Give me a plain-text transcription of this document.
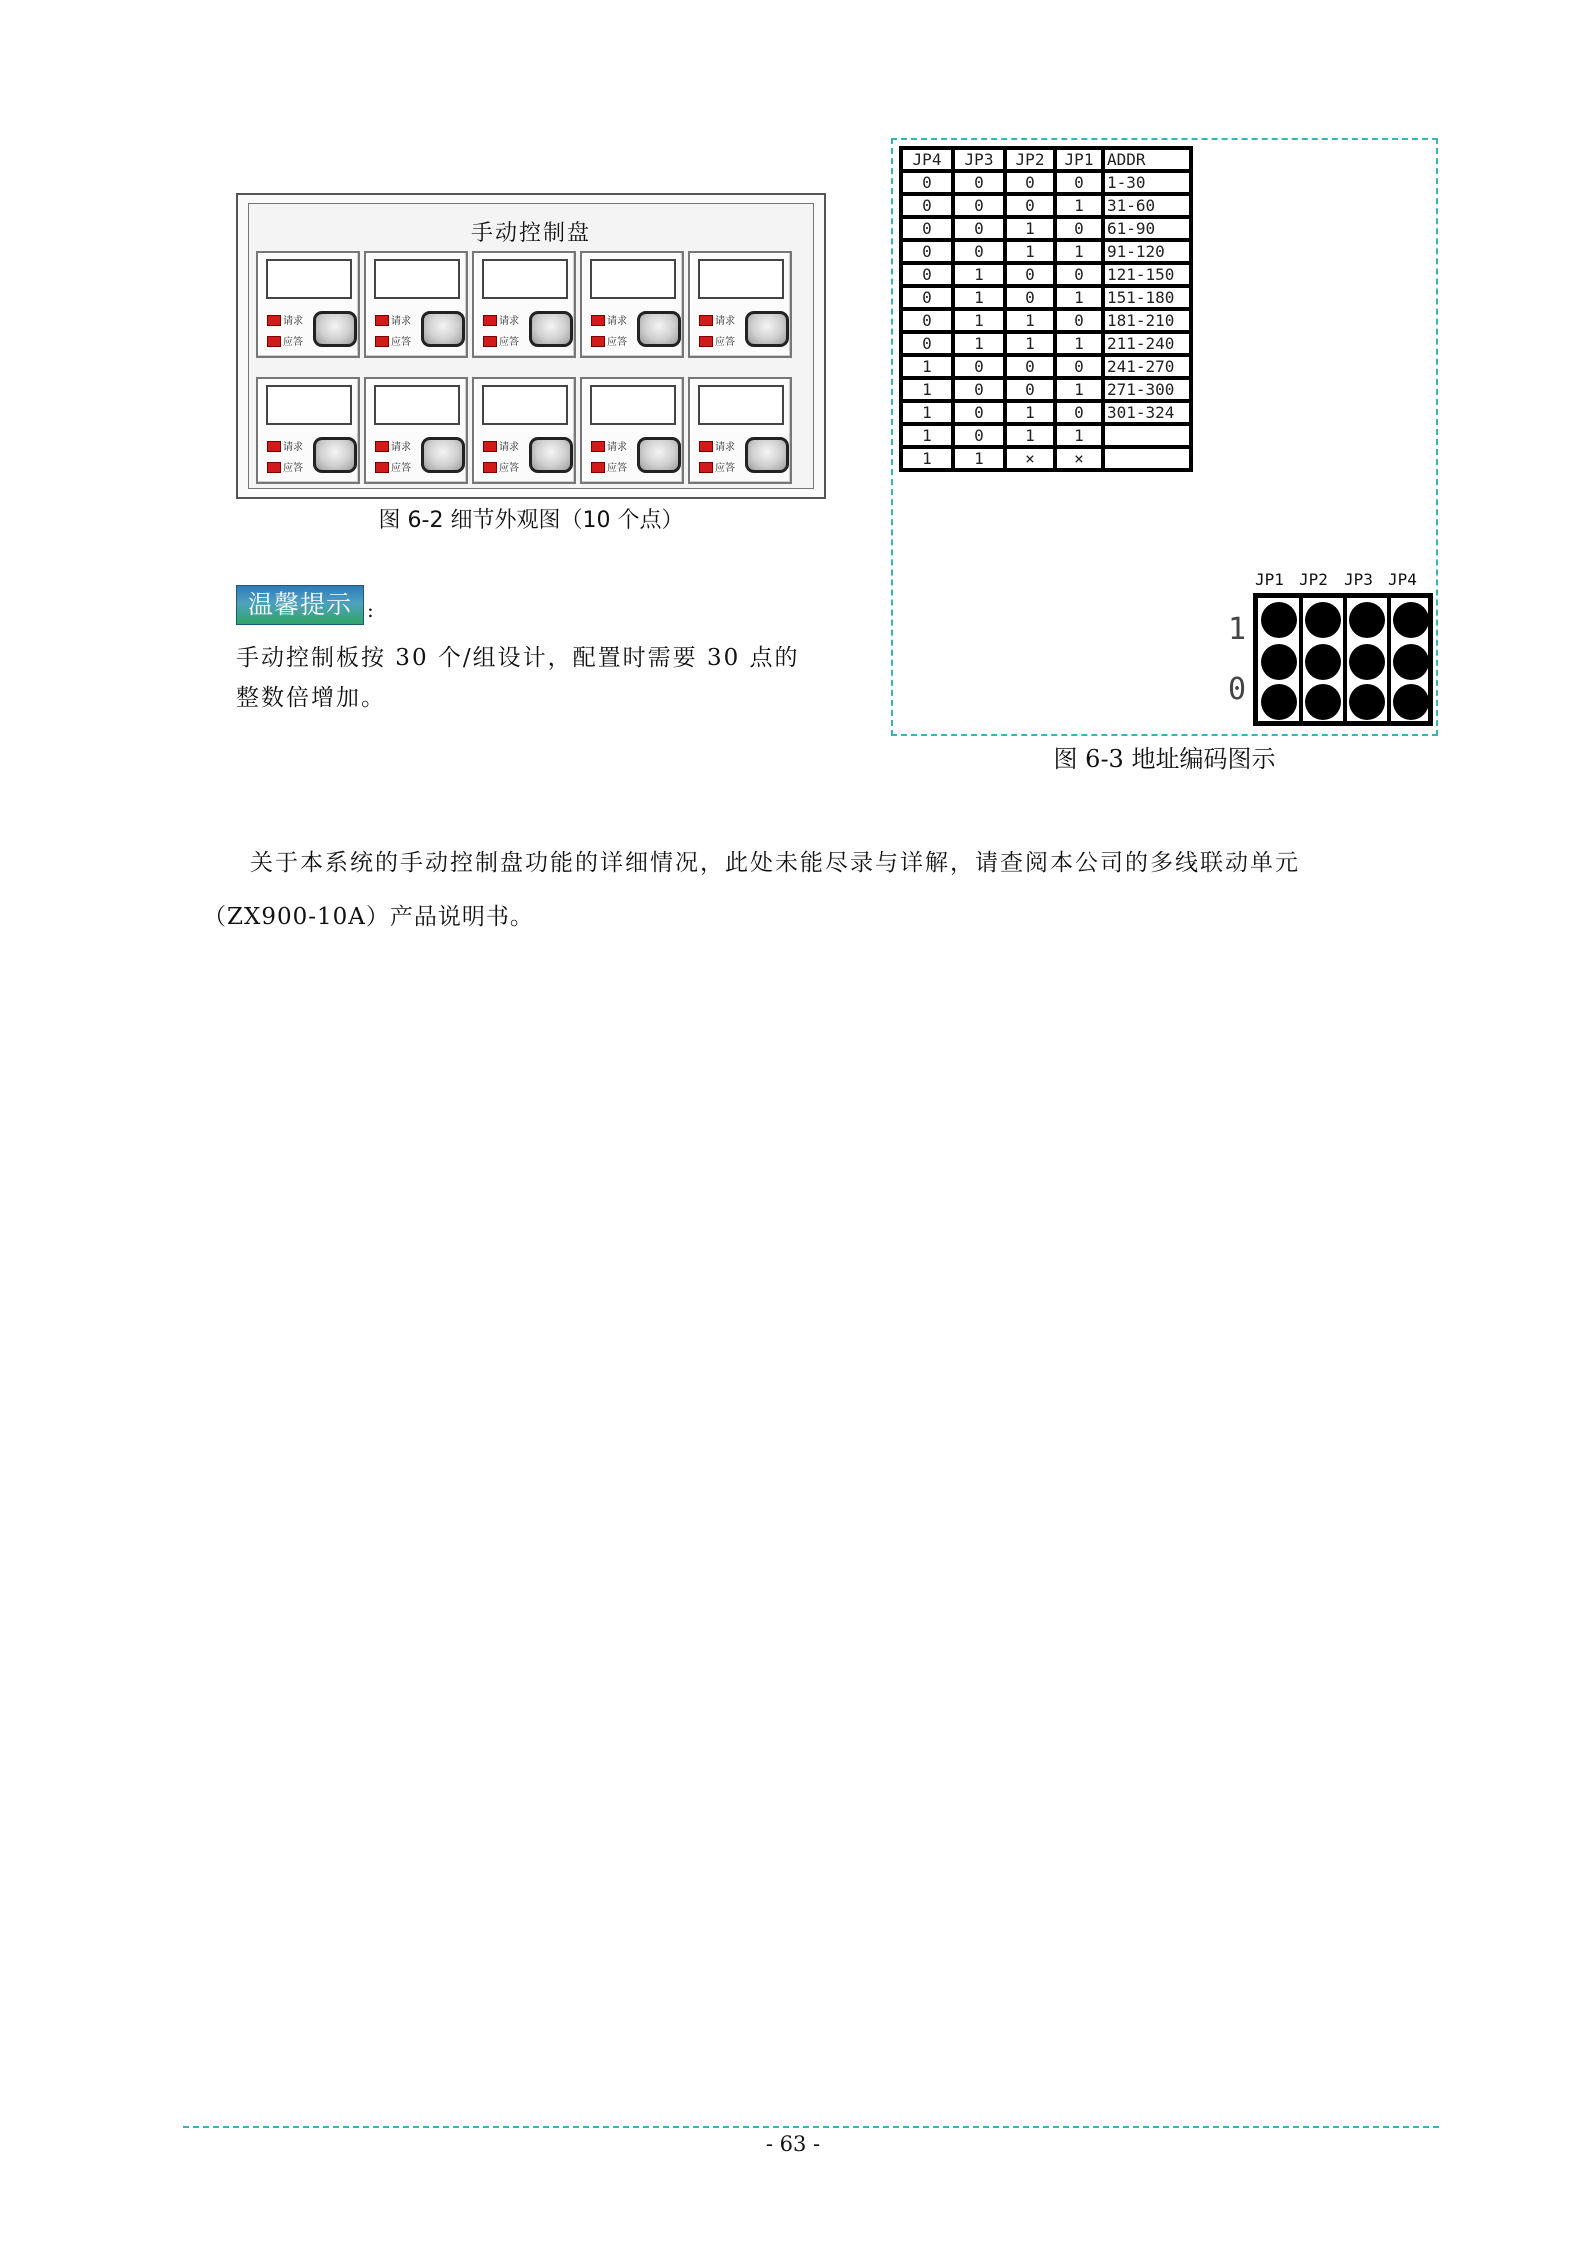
手动控制盘
请求
应答
请求
应答
请求
应答
请求
应答
请求
应答
请求
应答
请求
应答
请求
应答
请求
应答
请求
应答
图 6-2 细节外观图（10 个点）
温馨提示 :
手动控制板按 30 个/组设计，配置时需要 30 点的
整数倍增加。
JP4	JP3	JP2	JP1	ADDR
0	0	0	0	1-30
0	0	0	1	31-60
0	0	1	0	61-90
0	0	1	1	91-120
0	1	0	0	121-150
0	1	0	1	151-180
0	1	1	0	181-210
0	1	1	1	211-240
1	0	0	0	241-270
1	0	0	1	271-300
1	0	1	0	301-324
1	0	1	1	
1	1	×	×	
JP1 JP2 JP3 JP4
1
0
图 6-3 地址编码图示
关于本系统的手动控制盘功能的详细情况，此处未能尽录与详解，请查阅本公司的多线联动单元
（ZX900-10A）产品说明书。
- 63 -
